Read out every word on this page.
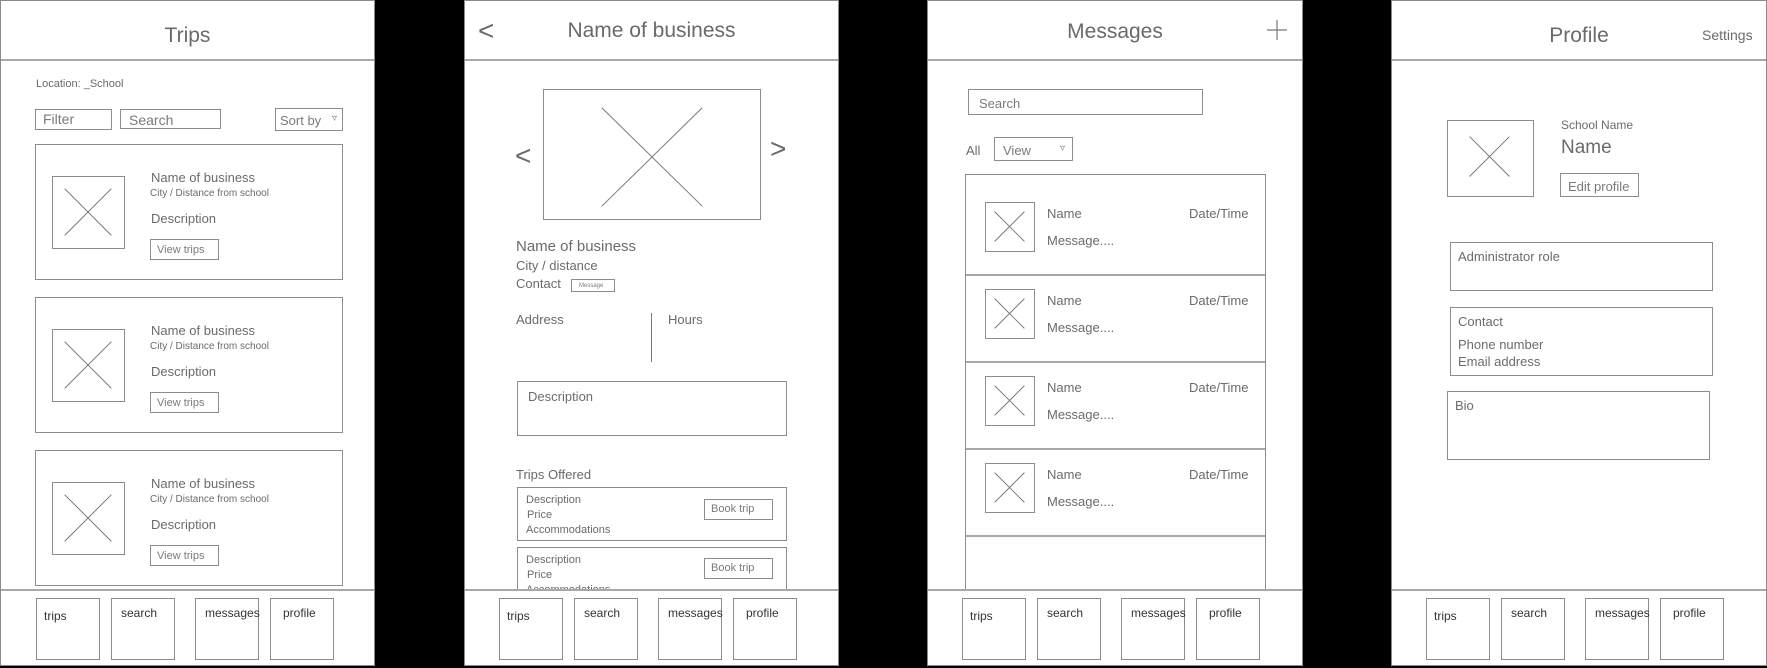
Trips
Location: _School
Filter	Search	Sort by ▿
Name of business
City / Distance from school
Description
View trips
Name of business
City / Distance from school
Description
View trips
Name of business
City / Distance from school
Description
View trips
trips	search	messages profile
<	Name of business
<	>
Name of business
City / distance
Contact	Message
Address	Hours
Description
Trips Offered
Description
Price
Accommodations
Book trip
Description
Price
Book trip
trips	search	messages profile
Messages
Search
All	View	▿
Name	Date/Time
Message....
Name	Date/Time
Message....
Name	Date/Time
Message....
Name	Date/Time
Message....
trips	search	messages profile
Profile	Settings
School Name
Name
Edit profile
Administrator role
Contact
Phone number
Email address
Bio
trips	search	messages profile
